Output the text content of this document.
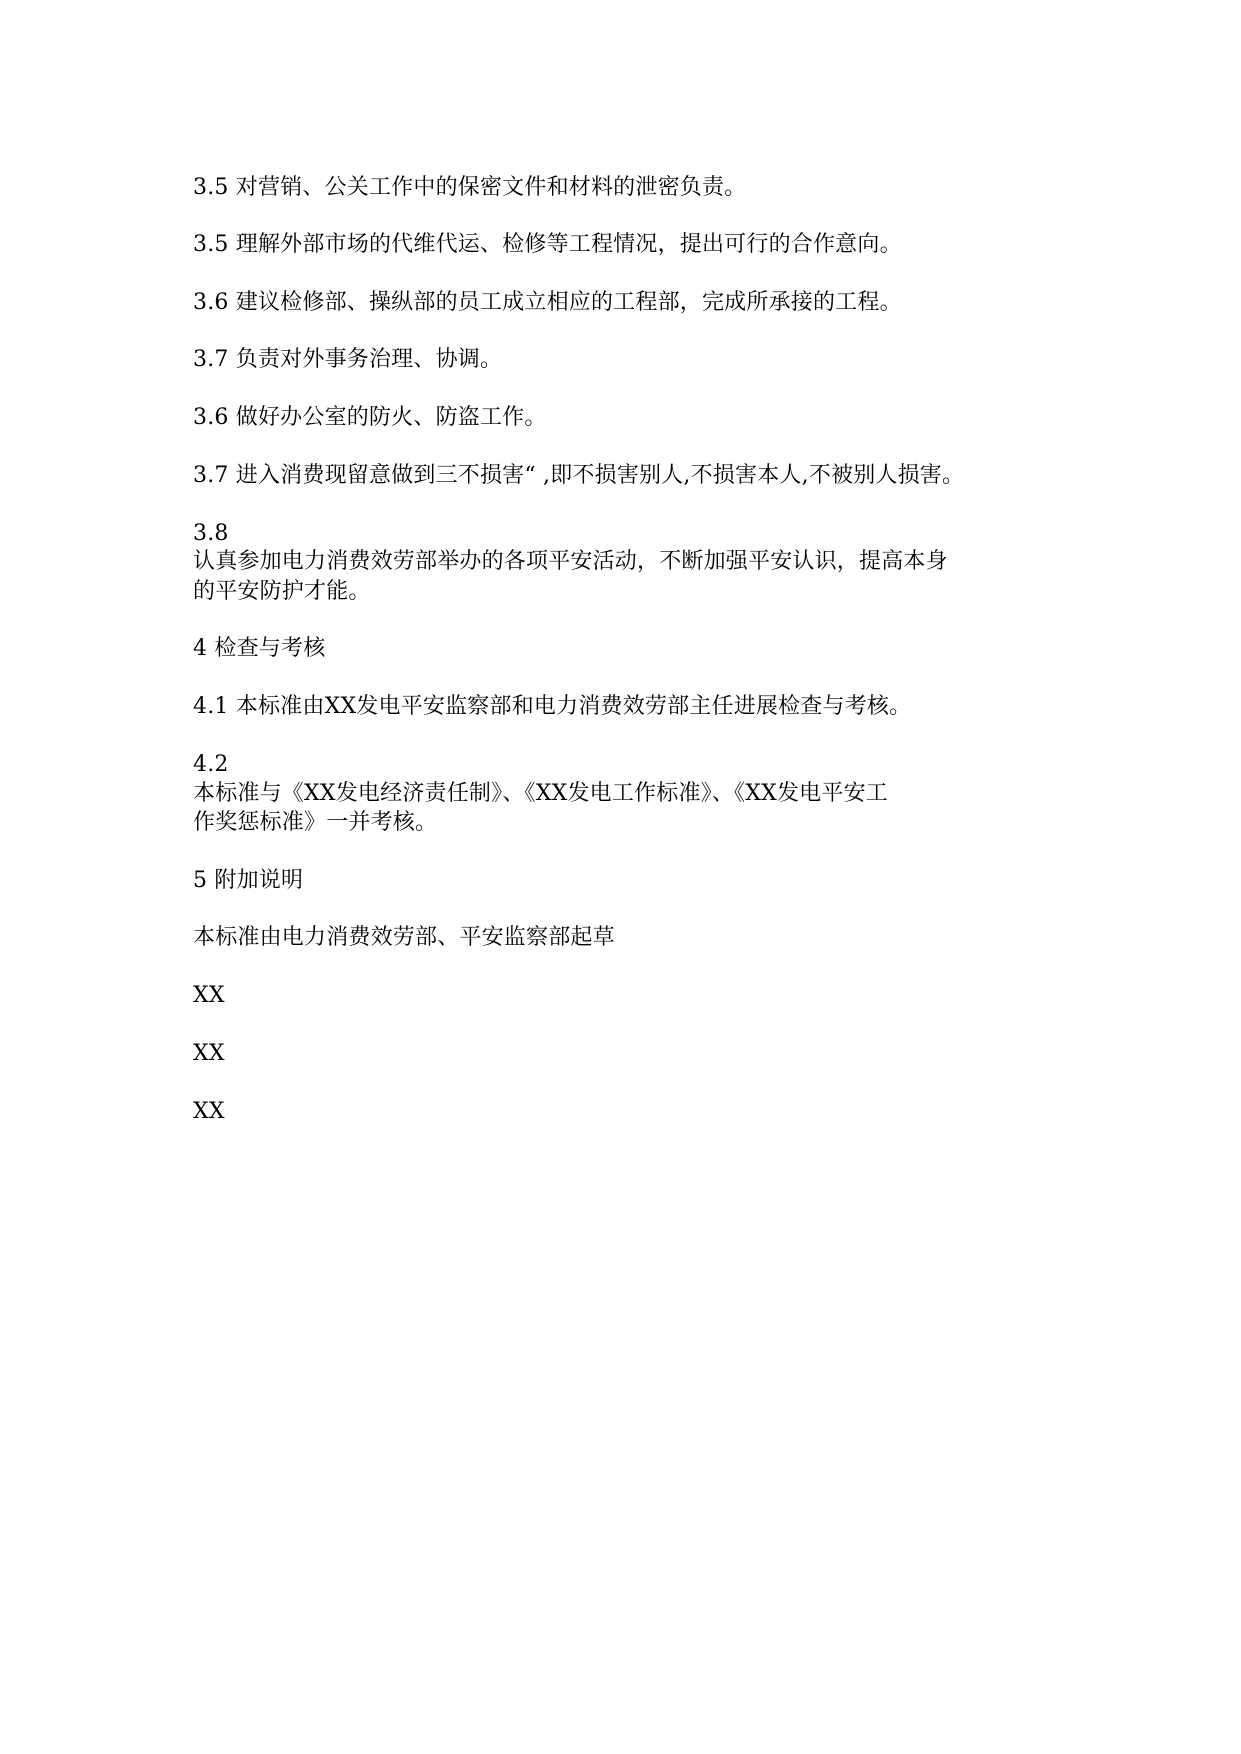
3.5 对营销、公关工作中的保密文件和材料的泄密负责。
3.5 理解外部市场的代维代运、检修等工程情况，提出可行的合作意向。
3.6 建议检修部、操纵部的员工成立相应的工程部，完成所承接的工程。
3.7 负责对外事务治理、协调。
3.6 做好办公室的防火、防盗工作。
3.7 进入消费现留意做到三不损害“ ,即不损害别人,不损害本人,不被别人损害。
3.8
认真参加电力消费效劳部举办的各项平安活动，不断加强平安认识，提高本身
的平安防护才能。
4 检查与考核
4.1 本标准由XX发电平安监察部和电力消费效劳部主任进展检查与考核。
4.2
本标准与《XX发电经济责任制》、《XX发电工作标准》、《XX发电平安工
作奖惩标准》一并考核。
5 附加说明
本标准由电力消费效劳部、平安监察部起草
XX
XX
XX
